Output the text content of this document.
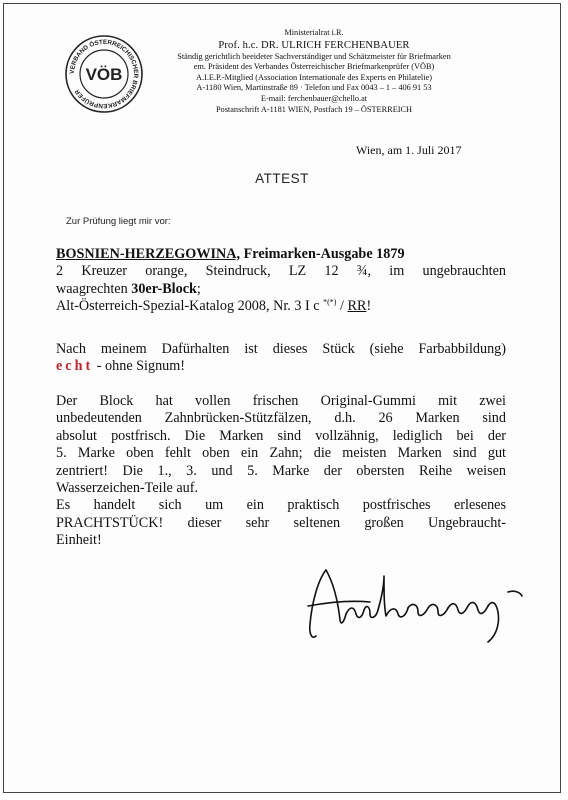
VERBAND ÖSTERREICHISCHER BRIEFMARKENPRÜFER
VÖB
Ministerialrat i.R.
Prof. h.c. DR. ULRICH FERCHENBAUER
Ständig gerichtlich beeideter Sachverständiger und Schätzmeister für Briefmarken
em. Präsident des Verbandes Österreichischer Briefmarkenprüfer (VÖB)
A.I.E.P.-Mitglied (Association Internationale des Experts en Philatelie)
A-1180 Wien, Martinstraße 89 · Telefon und Fax 0043 – 1 – 406 91 53
E-mail: ferchenbauer@chello.at
Postanschrift A-1181 WIEN, Postfach 19 – ÖSTERREICH
Wien, am 1. Juli 2017
ATTEST
Zur Prüfung liegt mir vor:
BOSNIEN-HERZEGOWINA, Freimarken-Ausgabe 1879
2 Kreuzer orange, Steindruck, LZ 12 ¾, im ungebrauchten
waagrechten 30er-Block;
Alt-Österreich-Spezial-Katalog 2008, Nr. 3 I c *(*) / RR!
Nach meinem Dafürhalten ist dieses Stück (siehe Farbabbildung)
echt - ohne Signum!
Der Block hat vollen frischen Original-Gummi mit zwei
unbedeutenden Zahnbrücken-Stützfälzen, d.h. 26 Marken sind
absolut postfrisch. Die Marken sind vollzähnig, lediglich bei der
5. Marke oben fehlt oben ein Zahn; die meisten Marken sind gut
zentriert! Die 1., 3. und 5. Marke der obersten Reihe weisen
Wasserzeichen-Teile auf.
Es handelt sich um ein praktisch postfrisches erlesenes
PRACHTSTÜCK! dieser sehr seltenen großen Ungebraucht-
Einheit!
